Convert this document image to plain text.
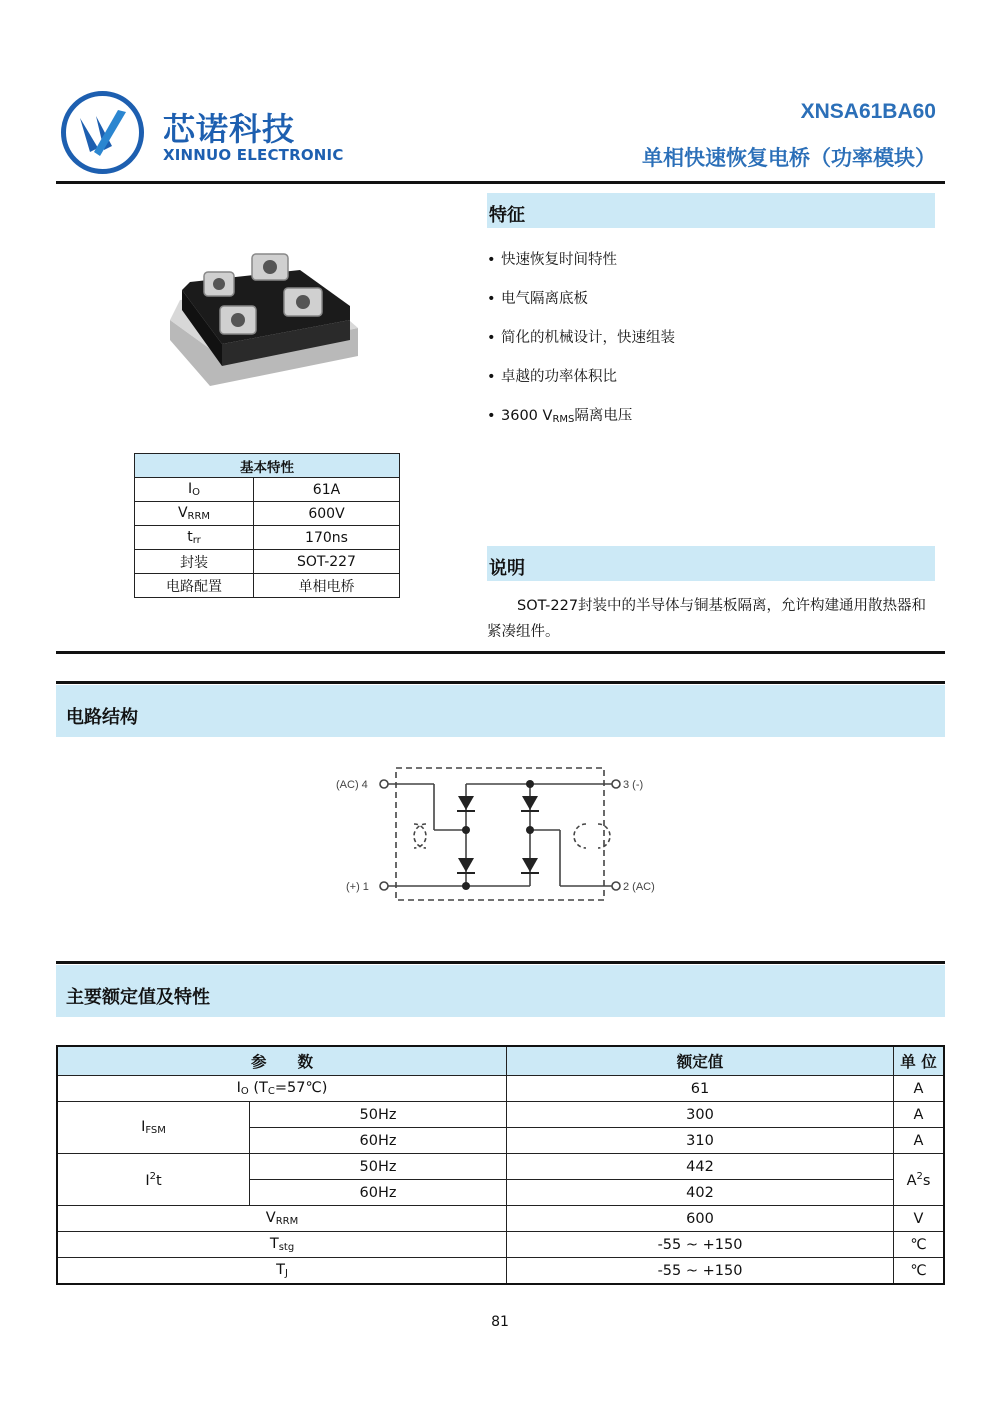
芯诺科技
XINNUO ELECTRONIC
XNSA61BA60
单相快速恢复电桥（功率模块）
特征
• 快速恢复时间特性
• 电气隔离底板
• 简化的机械设计，快速组装
• 卓越的功率体积比
• 3600 $V_{RMS}$隔离电压
基本特性	
$I_O$	61A
$V_{RRM}$	600V
$t_{rr}$	170ns
封装	SOT-227
电路配置	单相电桥
说明
SOT-227封装中的半导体与铜基板隔离，允许构建通用散热器和紧凑组件。
电路结构
(AC) 4
(+) 1
3 (-)
2 (AC)
主要额定值及特性
参　　数		额定值	单 位
$I_O$ $(T_C=57℃)$		61	A
$I_{FSM}$	50Hz	300	A
	60Hz	310	A
$I^2t$	50Hz	442	$A^2s$
	60Hz	402	
$V_{RRM}$		600	V
$T_{stg}$		-55 ~ +150	℃
$T_J$		-55 ~ +150	℃
81
